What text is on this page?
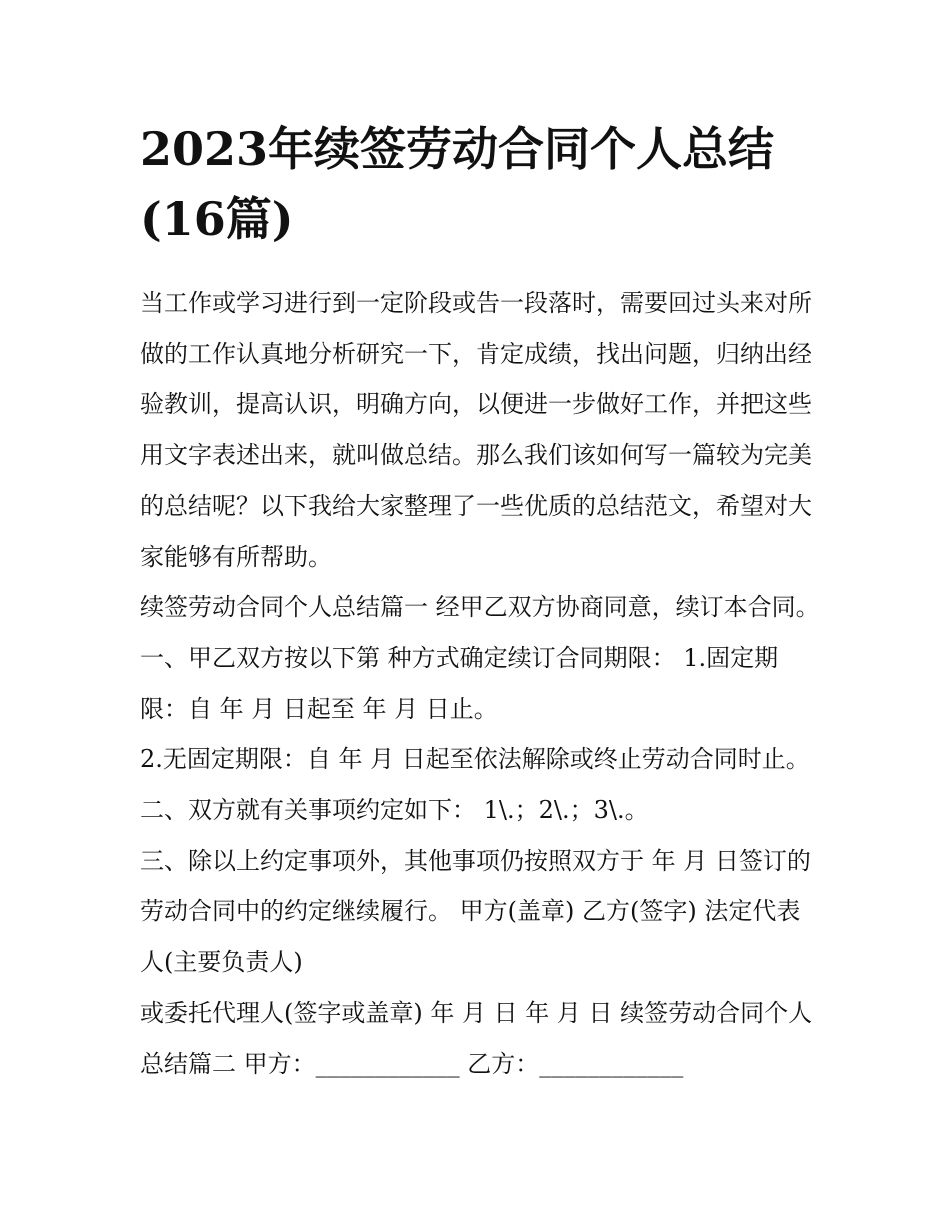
2023年续签劳动合同个人总结(16篇)

当工作或学习进行到一定阶段或告一段落时，需要回过头来对所做的工作认真地分析研究一下，肯定成绩，找出问题，归纳出经验教训，提高认识，明确方向，以便进一步做好工作，并把这些用文字表述出来，就叫做总结。那么我们该如何写一篇较为完美的总结呢？以下我给大家整理了一些优质的总结范文，希望对大家能够有所帮助。

续签劳动合同个人总结篇一 经甲乙双方协商同意，续订本合同。 一、甲乙双方按以下第 种方式确定续订合同期限： 1.固定期限：自 年 月 日起至 年 月 日止。

2.无固定期限：自 年 月 日起至依法解除或终止劳动合同时止。 二、双方就有关事项约定如下： 1\.；2\.；3\.。

三、除以上约定事项外，其他事项仍按照双方于 年 月 日签订的劳动合同中的约定继续履行。 甲方(盖章) 乙方(签字) 法定代表人(主要负责人)

或委托代理人(签字或盖章) 年 月 日 年 月 日 续签劳动合同个人总结篇二 甲方：____________ 乙方：____________
